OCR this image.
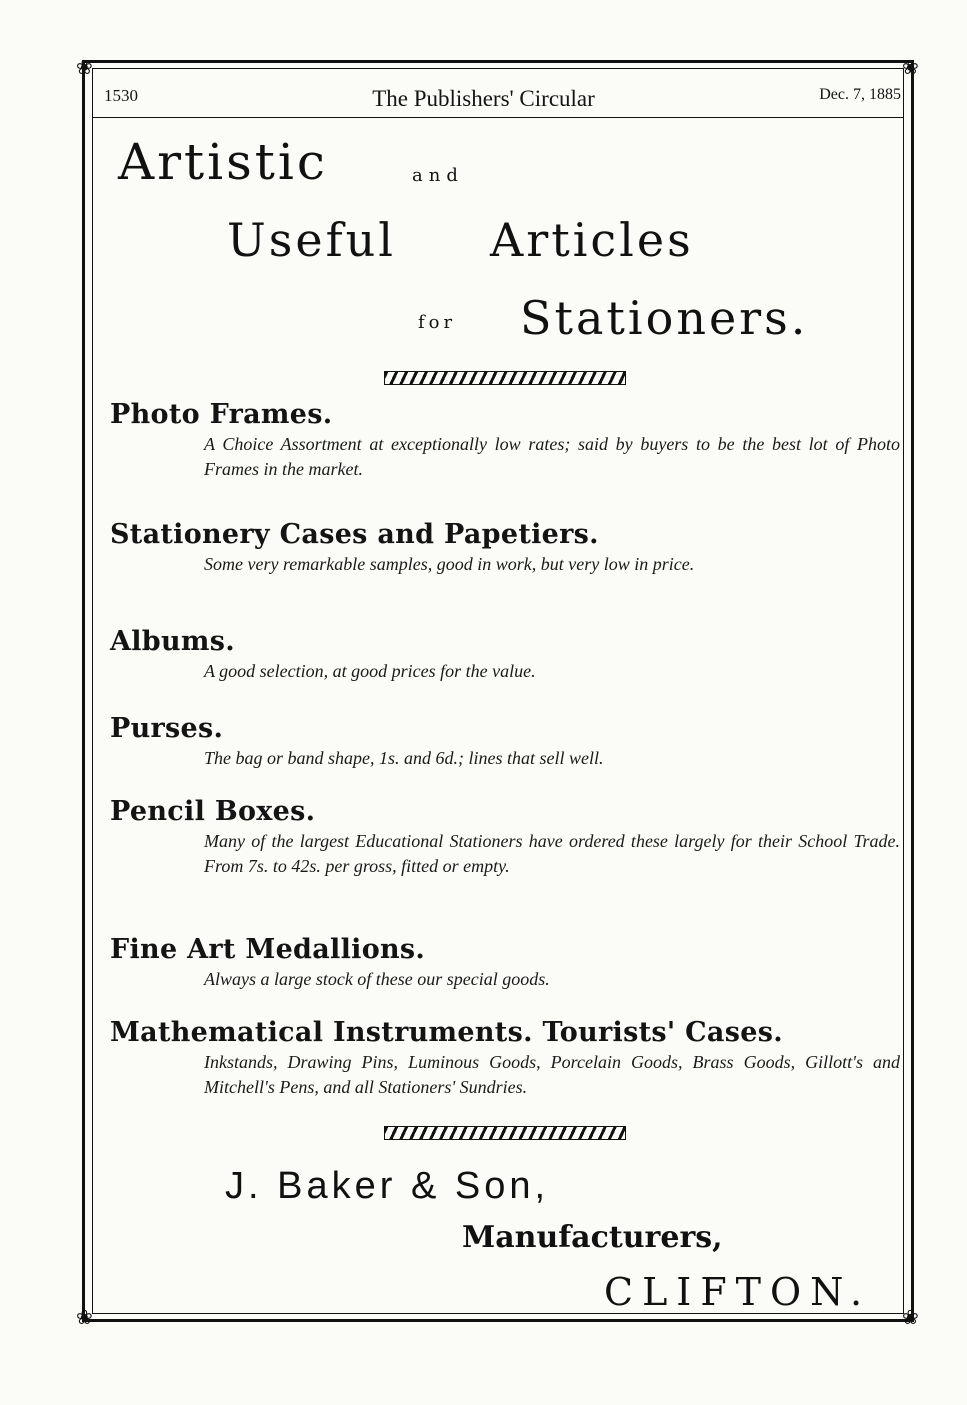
❀	❀
❀	❀
1530	The Publishers' Circular	Dec. 7, 1885
Artistic	and
Useful Articles
for Stationers.
Photo Frames.
A Choice Assortment at exceptionally low rates; said by buyers to be the best lot of Photo Frames in the market.
Stationery Cases and Papetiers.
Some very remarkable samples, good in work, but very low in price.
Albums.
A good selection, at good prices for the value.
Purses.
The bag or band shape, 1s. and 6d.; lines that sell well.
Pencil Boxes.
Many of the largest Educational Stationers have ordered these largely for their School Trade. From 7s. to 42s. per gross, fitted or empty.
Fine Art Medallions.
Always a large stock of these our special goods.
Mathematical Instruments. Tourists' Cases.
Inkstands, Drawing Pins, Luminous Goods, Porcelain Goods, Brass Goods, Gillott's and Mitchell's Pens, and all Stationers' Sundries.
J. Baker & Son,
Manufacturers,
CLIFTON.
